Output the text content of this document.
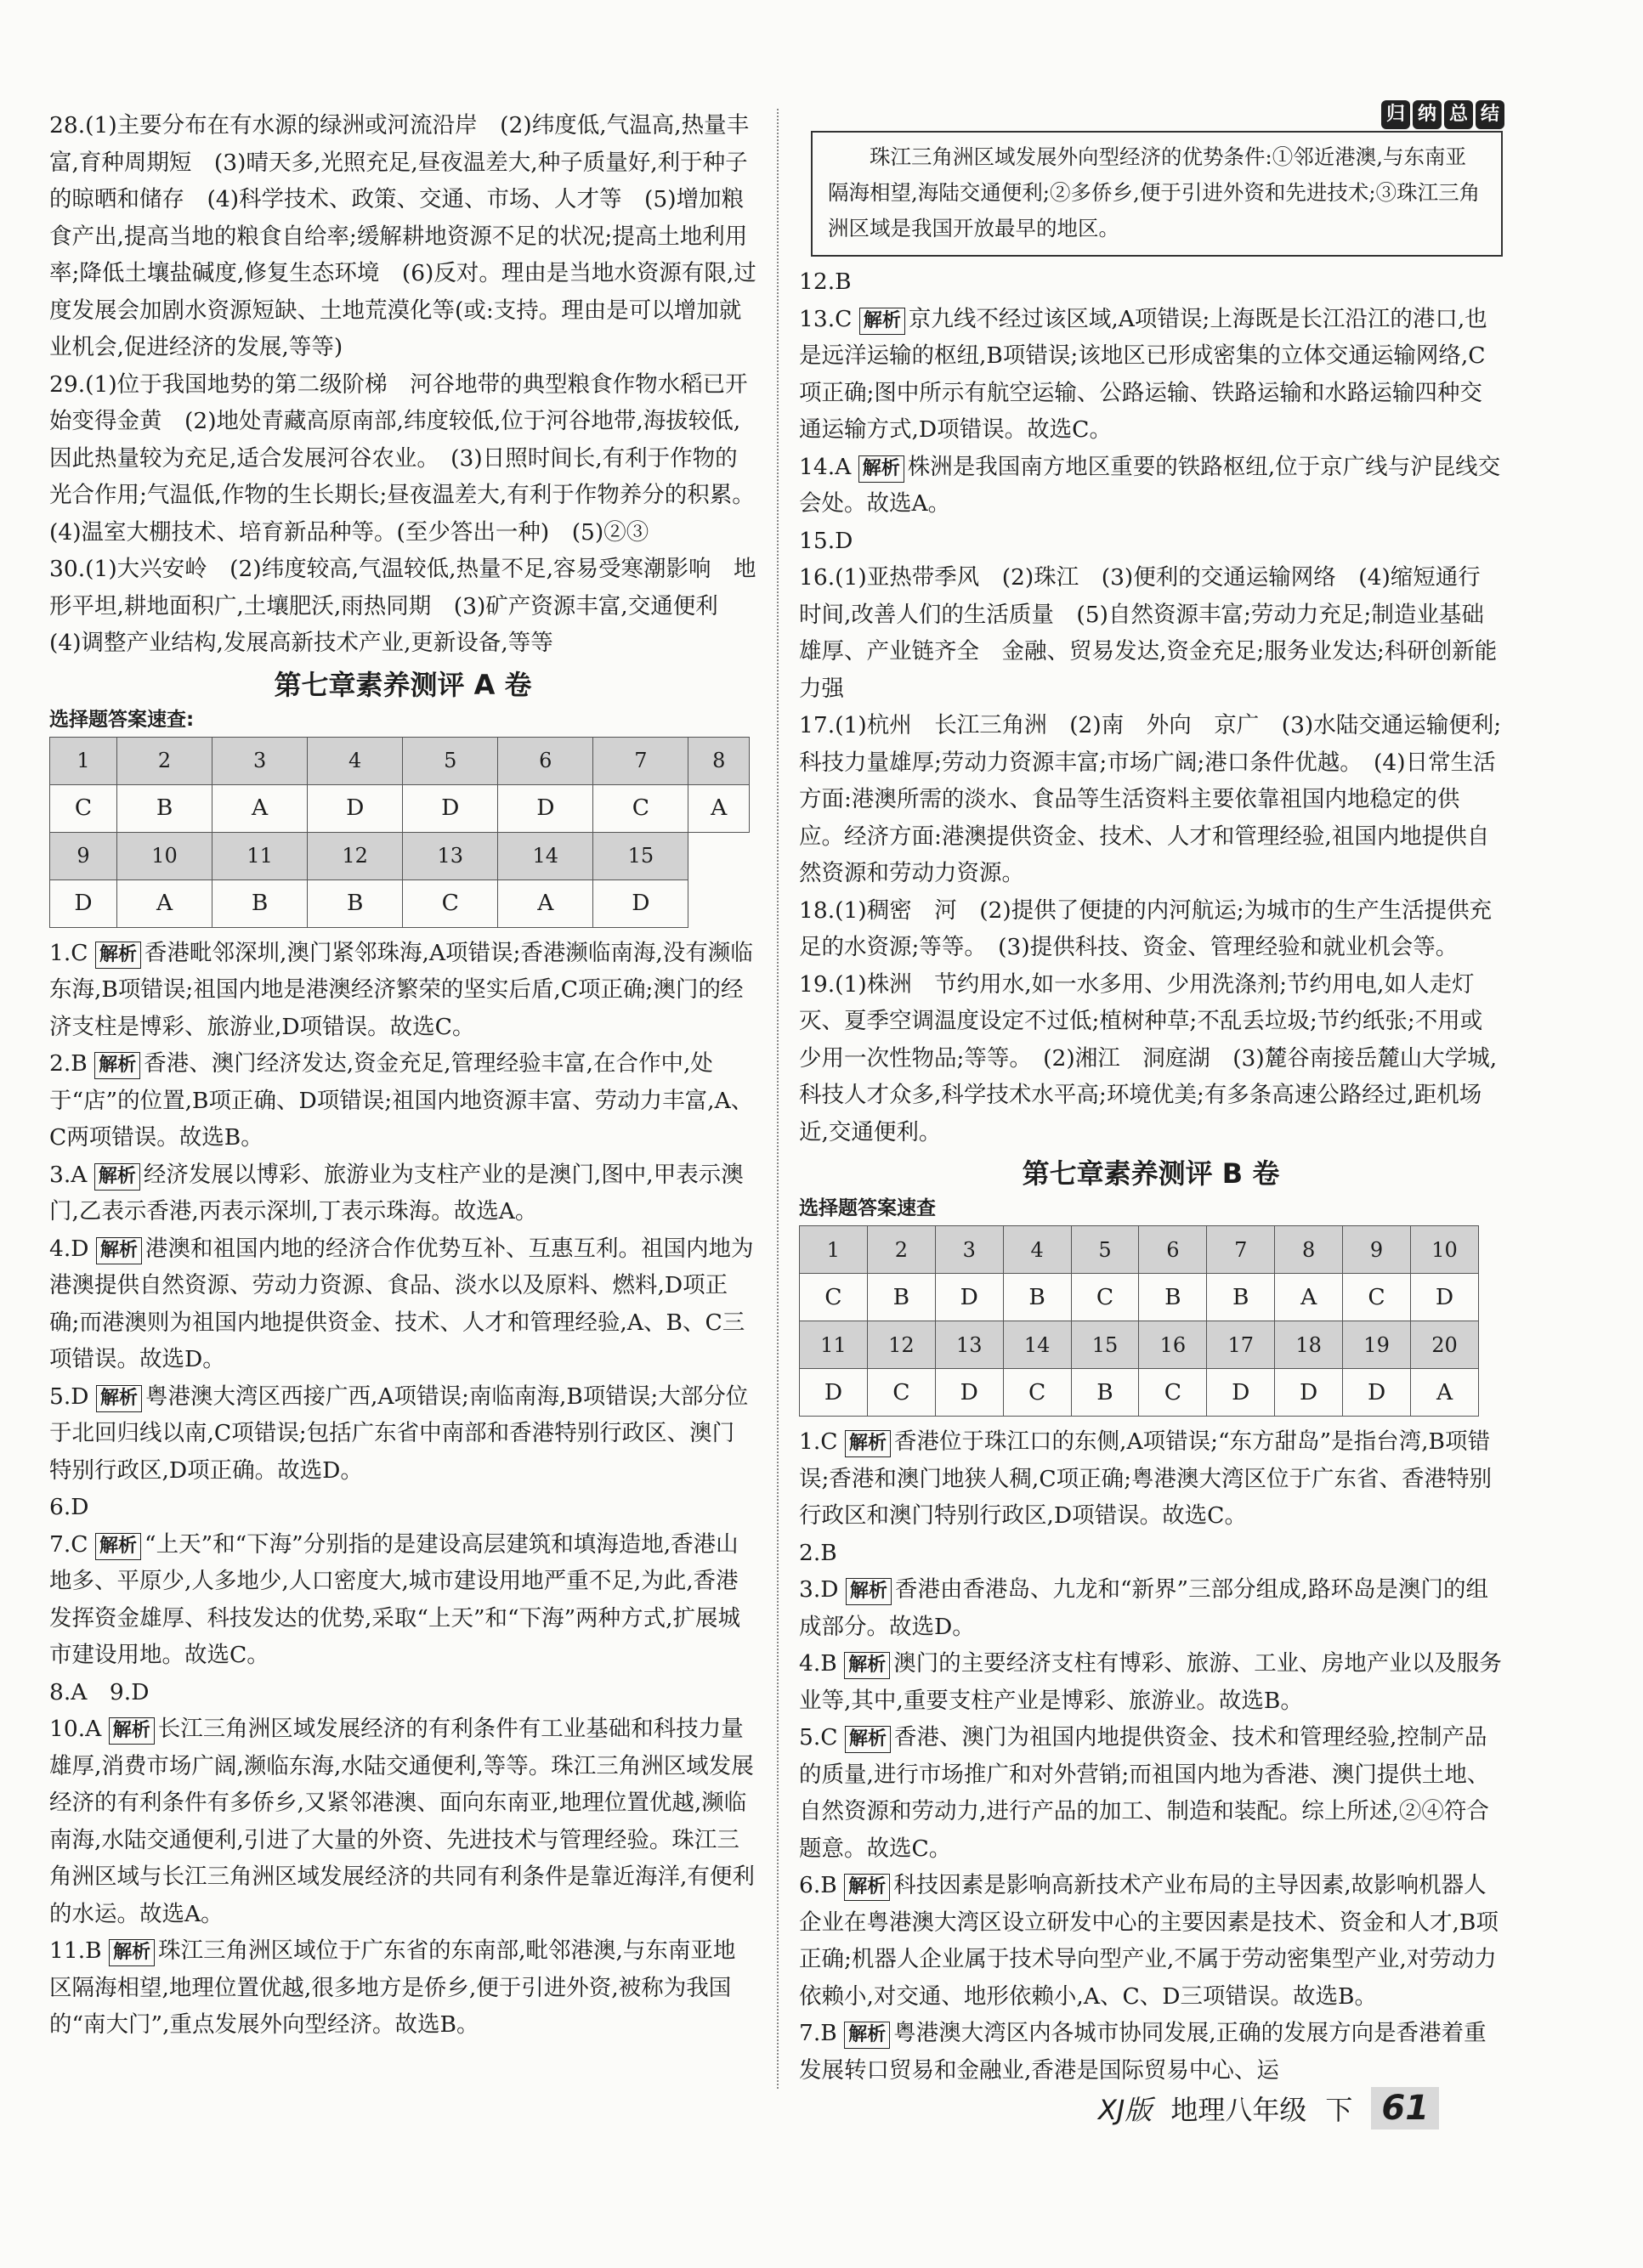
28.(1)主要分布在有水源的绿洲或河流沿岸　(2)纬度低,气温高,热量丰富,育种周期短　(3)晴天多,光照充足,昼夜温差大,种子质量好,利于种子的晾晒和储存　(4)科学技术、政策、交通、市场、人才等　(5)增加粮食产出,提高当地的粮食自给率;缓解耕地资源不足的状况;提高土地利用率;降低土壤盐碱度,修复生态环境　(6)反对。理由是当地水资源有限,过度发展会加剧水资源短缺、土地荒漠化等(或:支持。理由是可以增加就业机会,促进经济的发展,等等)

29.(1)位于我国地势的第二级阶梯　河谷地带的典型粮食作物水稻已开始变得金黄　(2)地处青藏高原南部,纬度较低,位于河谷地带,海拔较低,因此热量较为充足,适合发展河谷农业。　(3)日照时间长,有利于作物的光合作用;气温低,作物的生长期长;昼夜温差大,有利于作物养分的积累。　(4)温室大棚技术、培育新品种等。(至少答出一种)　(5)②③

30.(1)大兴安岭　(2)纬度较高,气温较低,热量不足,容易受寒潮影响　地形平坦,耕地面积广,土壤肥沃,雨热同期　(3)矿产资源丰富,交通便利　(4)调整产业结构,发展高新技术产业,更新设备,等等

第七章素养测评 A 卷
选择题答案速查:
1	2	3	4	5	6	7	8
C	B	A	D	D	D	C	A
9	10	11	12	13	14	15	
D	A	B	B	C	A	D	

1.C 解析 香港毗邻深圳,澳门紧邻珠海,A项错误;香港濒临南海,没有濒临东海,B项错误;祖国内地是港澳经济繁荣的坚实后盾,C项正确;澳门的经济支柱是博彩、旅游业,D项错误。故选C。

2.B 解析 香港、澳门经济发达,资金充足,管理经验丰富,在合作中,处于“店”的位置,B项正确、D项错误;祖国内地资源丰富、劳动力丰富,A、C两项错误。故选B。

3.A 解析 经济发展以博彩、旅游业为支柱产业的是澳门,图中,甲表示澳门,乙表示香港,丙表示深圳,丁表示珠海。故选A。

4.D 解析 港澳和祖国内地的经济合作优势互补、互惠互利。祖国内地为港澳提供自然资源、劳动力资源、食品、淡水以及原料、燃料,D项正确;而港澳则为祖国内地提供资金、技术、人才和管理经验,A、B、C三项错误。故选D。

5.D 解析 粤港澳大湾区西接广西,A项错误;南临南海,B项错误;大部分位于北回归线以南,C项错误;包括广东省中南部和香港特别行政区、澳门特别行政区,D项正确。故选D。

6.D

7.C 解析 “上天”和“下海”分别指的是建设高层建筑和填海造地,香港山地多、平原少,人多地少,人口密度大,城市建设用地严重不足,为此,香港发挥资金雄厚、科技发达的优势,采取“上天”和“下海”两种方式,扩展城市建设用地。故选C。

8.A　9.D

10.A 解析 长江三角洲区域发展经济的有利条件有工业基础和科技力量雄厚,消费市场广阔,濒临东海,水陆交通便利,等等。珠江三角洲区域发展经济的有利条件有多侨乡,又紧邻港澳、面向东南亚,地理位置优越,濒临南海,水陆交通便利,引进了大量的外资、先进技术与管理经验。珠江三角洲区域与长江三角洲区域发展经济的共同有利条件是靠近海洋,有便利的水运。故选A。

11.B 解析 珠江三角洲区域位于广东省的东南部,毗邻港澳,与东南亚地区隔海相望,地理位置优越,很多地方是侨乡,便于引进外资,被称为我国的“南大门”,重点发展外向型经济。故选B。

归 纳 总 结
珠江三角洲区域发展外向型经济的优势条件:①邻近港澳,与东南亚隔海相望,海陆交通便利;②多侨乡,便于引进外资和先进技术;③珠江三角洲区域是我国开放最早的地区。

12.B

13.C 解析 京九线不经过该区域,A项错误;上海既是长江沿江的港口,也是远洋运输的枢纽,B项错误;该地区已形成密集的立体交通运输网络,C项正确;图中所示有航空运输、公路运输、铁路运输和水路运输四种交通运输方式,D项错误。故选C。

14.A 解析 株洲是我国南方地区重要的铁路枢纽,位于京广线与沪昆线交会处。故选A。

15.D

16.(1)亚热带季风　(2)珠江　(3)便利的交通运输网络　(4)缩短通行时间,改善人们的生活质量　(5)自然资源丰富;劳动力充足;制造业基础雄厚、产业链齐全　金融、贸易发达,资金充足;服务业发达;科研创新能力强

17.(1)杭州　长江三角洲　(2)南　外向　京广　(3)水陆交通运输便利;科技力量雄厚;劳动力资源丰富;市场广阔;港口条件优越。　(4)日常生活方面:港澳所需的淡水、食品等生活资料主要依靠祖国内地稳定的供应。经济方面:港澳提供资金、技术、人才和管理经验,祖国内地提供自然资源和劳动力资源。

18.(1)稠密　河　(2)提供了便捷的内河航运;为城市的生产生活提供充足的水资源;等等。　(3)提供科技、资金、管理经验和就业机会等。

19.(1)株洲　节约用水,如一水多用、少用洗涤剂;节约用电,如人走灯灭、夏季空调温度设定不过低;植树种草;不乱丢垃圾;节约纸张;不用或少用一次性物品;等等。　(2)湘江　洞庭湖　(3)麓谷南接岳麓山大学城,科技人才众多,科学技术水平高;环境优美;有多条高速公路经过,距机场近,交通便利。

第七章素养测评 B 卷
选择题答案速查
1	2	3	4	5	6	7	8	9	10
C	B	D	B	C	B	B	A	C	D
11	12	13	14	15	16	17	18	19	20
D	C	D	C	B	C	D	D	D	A

1.C 解析 香港位于珠江口的东侧,A项错误;“东方甜岛”是指台湾,B项错误;香港和澳门地狭人稠,C项正确;粤港澳大湾区位于广东省、香港特别行政区和澳门特别行政区,D项错误。故选C。

2.B

3.D 解析 香港由香港岛、九龙和“新界”三部分组成,路环岛是澳门的组成部分。故选D。

4.B 解析 澳门的主要经济支柱有博彩、旅游、工业、房地产业以及服务业等,其中,重要支柱产业是博彩、旅游业。故选B。

5.C 解析 香港、澳门为祖国内地提供资金、技术和管理经验,控制产品的质量,进行市场推广和对外营销;而祖国内地为香港、澳门提供土地、自然资源和劳动力,进行产品的加工、制造和装配。综上所述,②④符合题意。故选C。

6.B 解析 科技因素是影响高新技术产业布局的主导因素,故影响机器人企业在粤港澳大湾区设立研发中心的主要因素是技术、资金和人才,B项正确;机器人企业属于技术导向型产业,不属于劳动密集型产业,对劳动力依赖小,对交通、地形依赖小,A、C、D三项错误。故选B。

7.B 解析 粤港澳大湾区内各城市协同发展,正确的发展方向是香港着重发展转口贸易和金融业,香港是国际贸易中心、运

XJ版 地理八年级 下 61
